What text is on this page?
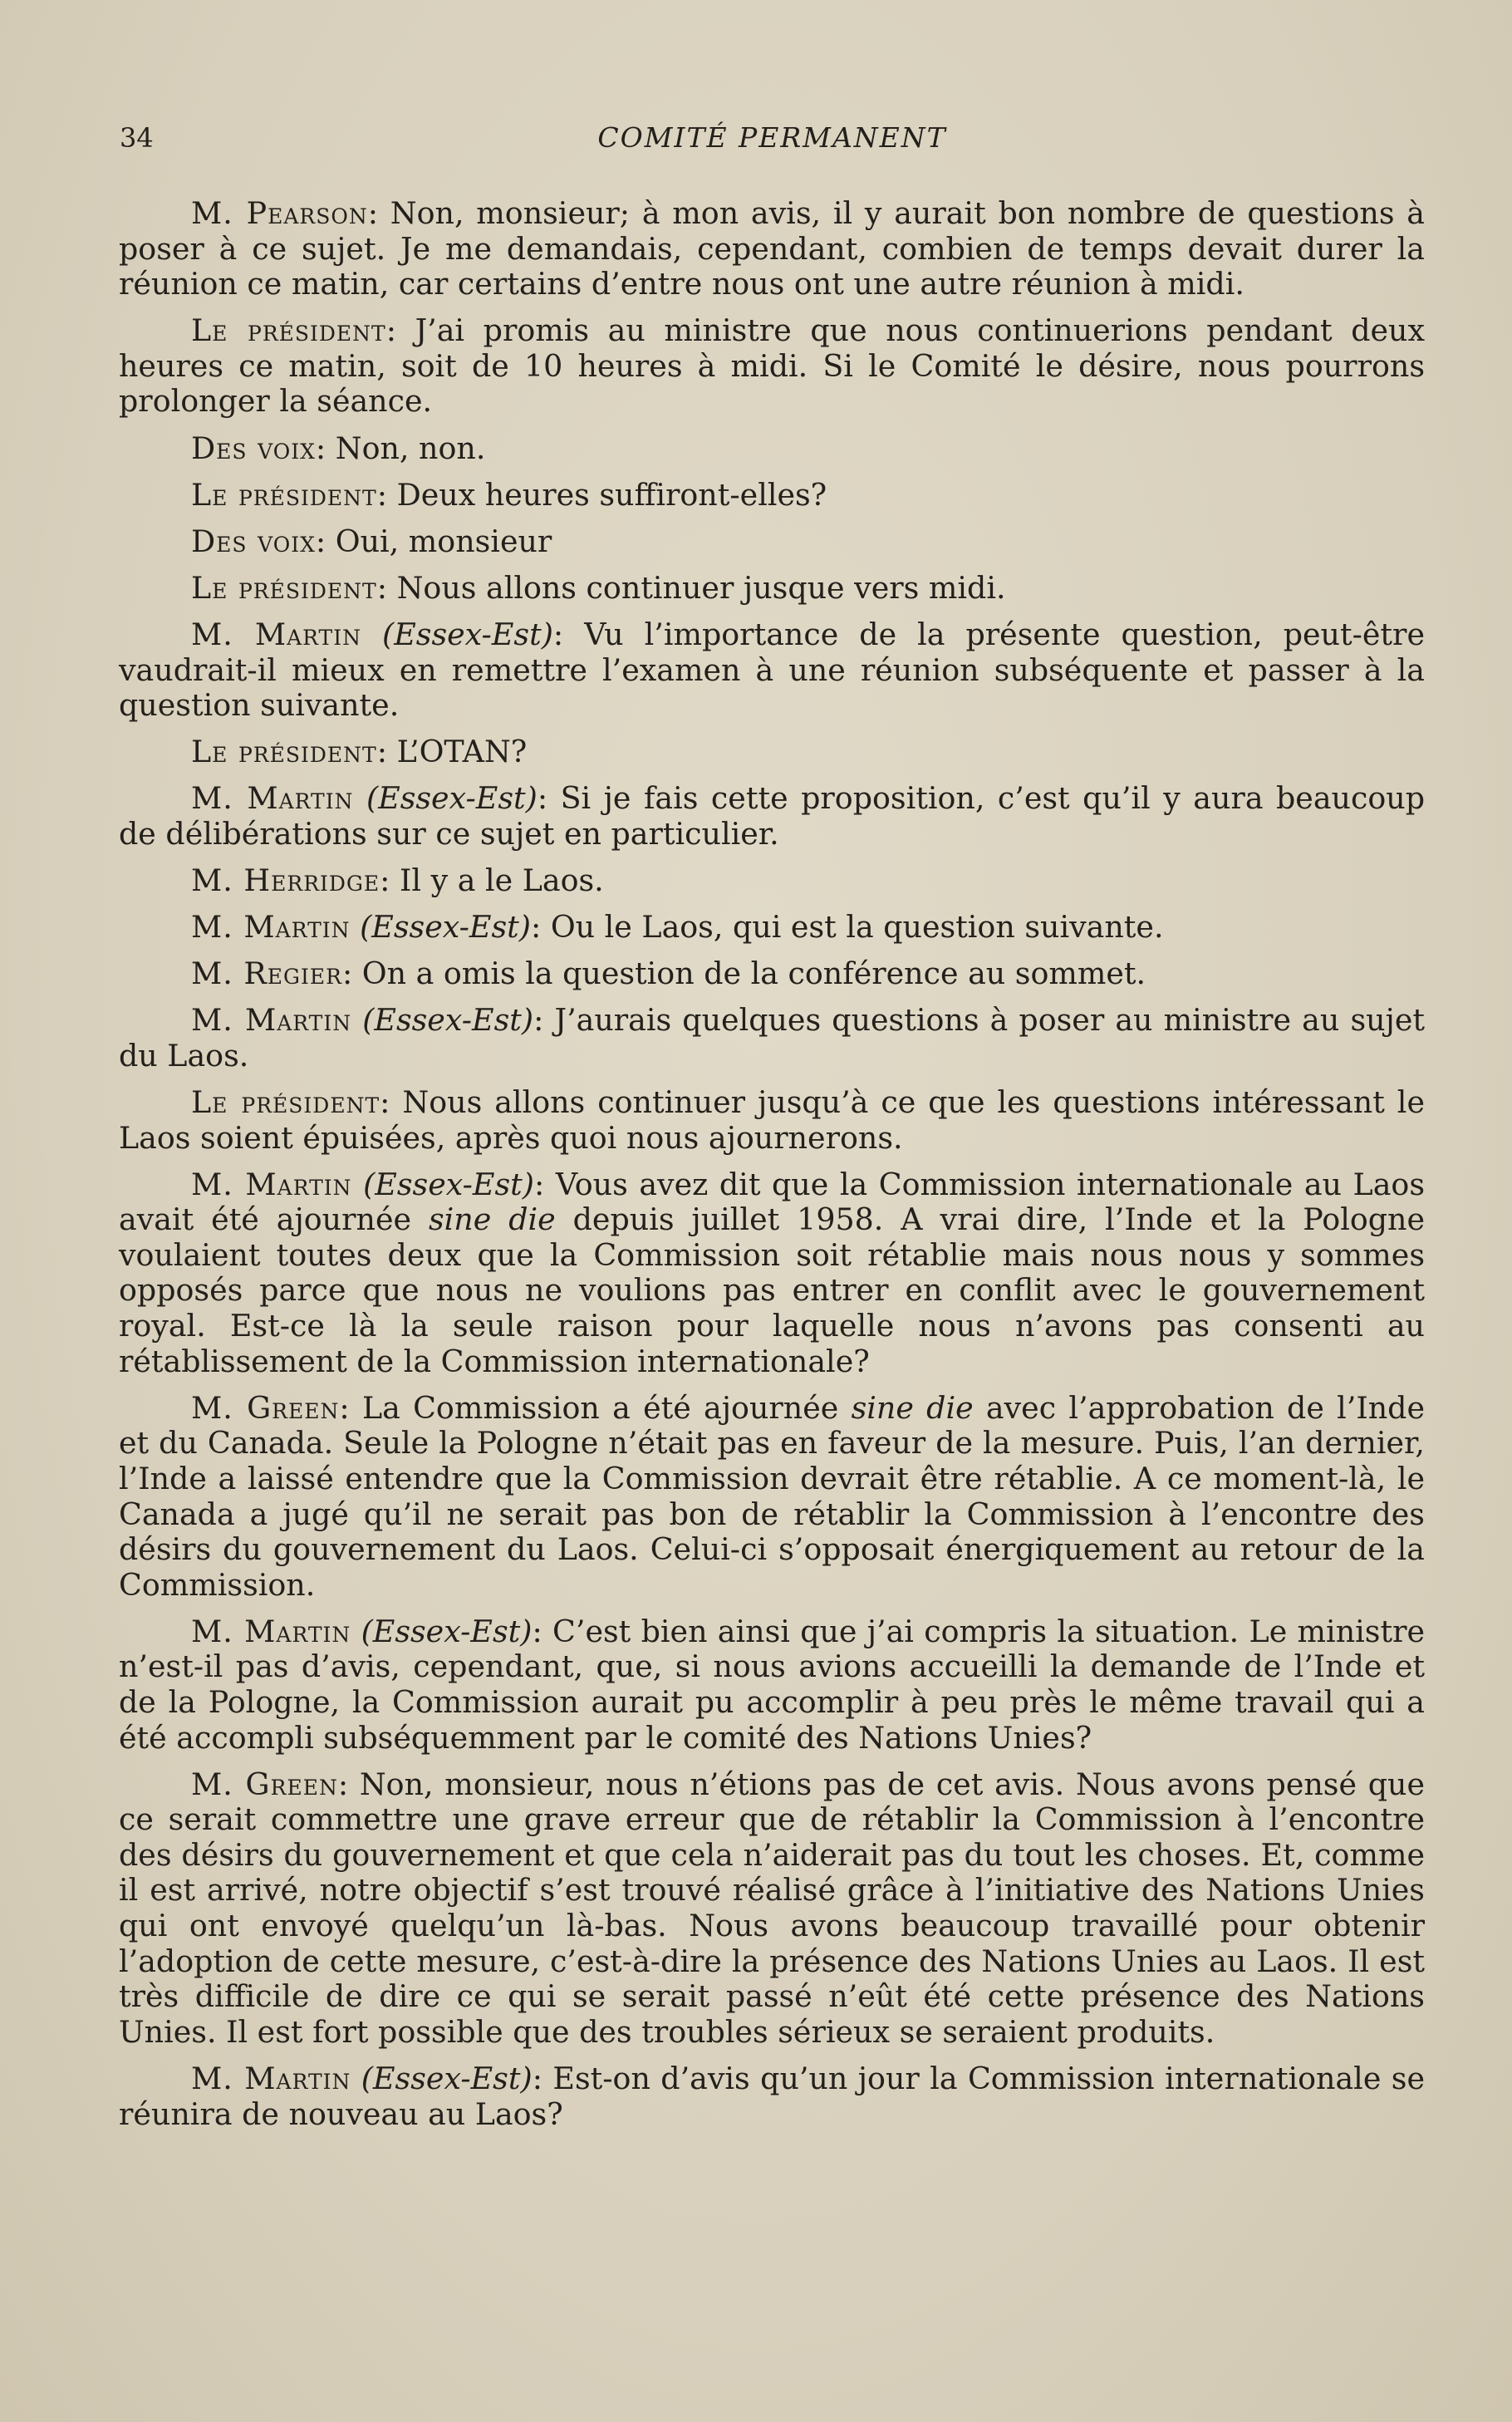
34	COMITÉ PERMANENT

M. Pearson: Non, monsieur; à mon avis, il y aurait bon nombre de questions à poser à ce sujet. Je me demandais, cependant, combien de temps devait durer la réunion ce matin, car certains d’entre nous ont une autre réunion à midi.

Le président: J’ai promis au ministre que nous continuerions pendant deux heures ce matin, soit de 10 heures à midi. Si le Comité le désire, nous pourrons prolonger la séance.

Des voix: Non, non.

Le président: Deux heures suffiront-elles?

Des voix: Oui, monsieur

Le président: Nous allons continuer jusque vers midi.

M. Martin (Essex-Est): Vu l’importance de la présente question, peut-être vaudrait-il mieux en remettre l’examen à une réunion subséquente et passer à la question suivante.

Le président: L’OTAN?

M. Martin (Essex-Est): Si je fais cette proposition, c’est qu’il y aura beaucoup de délibérations sur ce sujet en particulier.

M. Herridge: Il y a le Laos.

M. Martin (Essex-Est): Ou le Laos, qui est la question suivante.

M. Regier: On a omis la question de la conférence au sommet.

M. Martin (Essex-Est): J’aurais quelques questions à poser au ministre au sujet du Laos.

Le président: Nous allons continuer jusqu’à ce que les questions intéressant le Laos soient épuisées, après quoi nous ajournerons.

M. Martin (Essex-Est): Vous avez dit que la Commission internationale au Laos avait été ajournée sine die depuis juillet 1958. A vrai dire, l’Inde et la Pologne voulaient toutes deux que la Commission soit rétablie mais nous nous y sommes opposés parce que nous ne voulions pas entrer en conflit avec le gouvernement royal. Est-ce là la seule raison pour laquelle nous n’avons pas consenti au rétablissement de la Commission internationale?

M. Green: La Commission a été ajournée sine die avec l’approbation de l’Inde et du Canada. Seule la Pologne n’était pas en faveur de la mesure. Puis, l’an dernier, l’Inde a laissé entendre que la Commission devrait être rétablie. A ce moment-là, le Canada a jugé qu’il ne serait pas bon de rétablir la Commission à l’encontre des désirs du gouvernement du Laos. Celui-ci s’opposait énergiquement au retour de la Commission.

M. Martin (Essex-Est): C’est bien ainsi que j’ai compris la situation. Le ministre n’est-il pas d’avis, cependant, que, si nous avions accueilli la demande de l’Inde et de la Pologne, la Commission aurait pu accomplir à peu près le même travail qui a été accompli subséquemment par le comité des Nations Unies?

M. Green: Non, monsieur, nous n’étions pas de cet avis. Nous avons pensé que ce serait commettre une grave erreur que de rétablir la Commission à l’encontre des désirs du gouvernement et que cela n’aiderait pas du tout les choses. Et, comme il est arrivé, notre objectif s’est trouvé réalisé grâce à l’initiative des Nations Unies qui ont envoyé quelqu’un là-bas. Nous avons beaucoup travaillé pour obtenir l’adoption de cette mesure, c’est-à-dire la présence des Nations Unies au Laos. Il est très difficile de dire ce qui se serait passé n’eût été cette présence des Nations Unies. Il est fort possible que des troubles sérieux se seraient produits.

M. Martin (Essex-Est): Est-on d’avis qu’un jour la Commission internationale se réunira de nouveau au Laos?
